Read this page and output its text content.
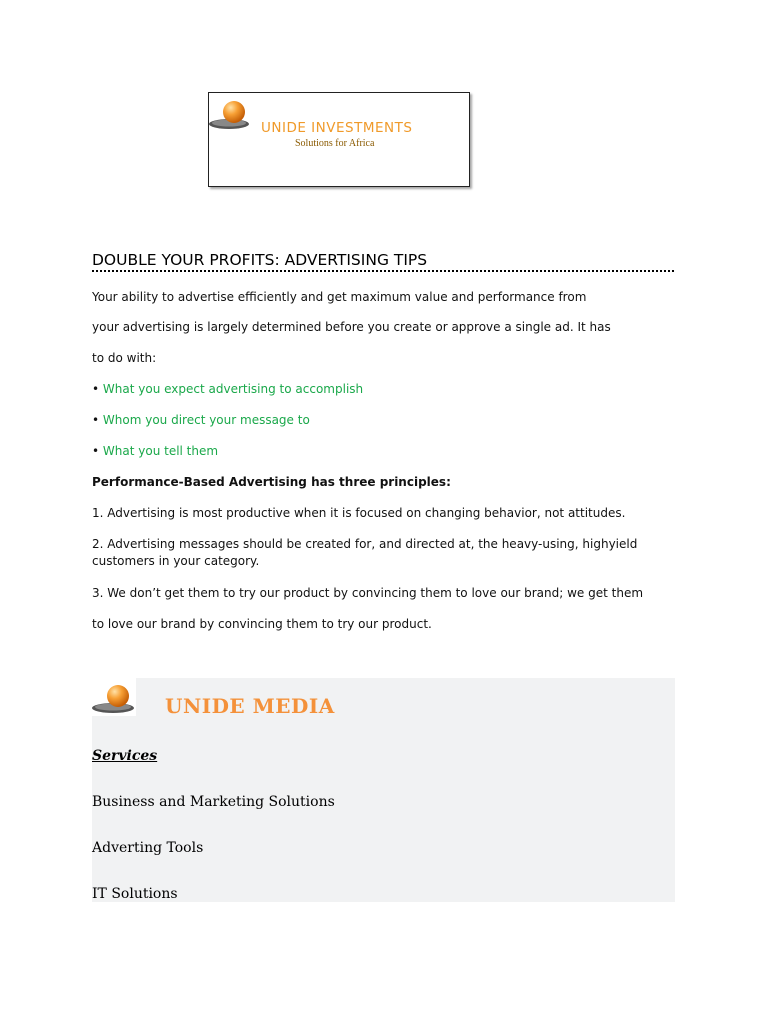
UNIDE INVESTMENTS
Solutions for Africa
DOUBLE YOUR PROFITS: ADVERTISING TIPS

Your ability to advertise efficiently and get maximum value and performance from

your advertising is largely determined before you create or approve a single ad. It has

to do with:

• What you expect advertising to accomplish

• Whom you direct your message to

• What you tell them

Performance-Based Advertising has three principles:

1. Advertising is most productive when it is focused on changing behavior, not attitudes.

2. Advertising messages should be created for, and directed at, the heavy-using, highyield customers in your category.

3. We don’t get them to try our product by convincing them to love our brand; we get them

to love our brand by convincing them to try our product.

UNIDE MEDIA
Services
Business and Marketing Solutions
Adverting Tools
IT Solutions
